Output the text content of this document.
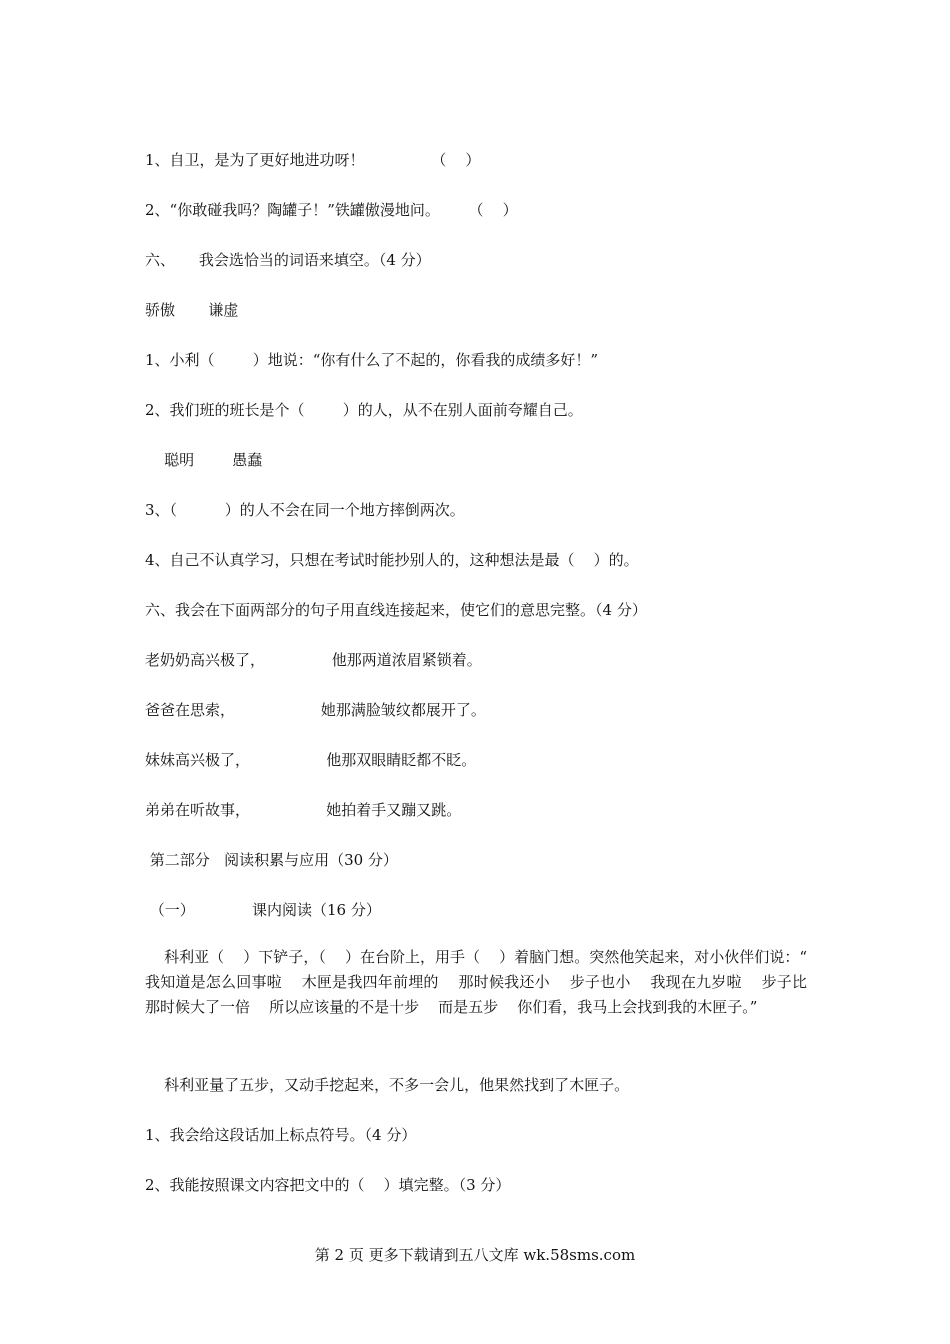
1、自卫，是为了更好地进功呀！              （    ）

2、“你敢碰我吗？陶罐子！”铁罐傲漫地问。      （    ）

六、     我会选恰当的词语来填空。（4 分）

骄傲       谦虚

1、小利（        ）地说：“你有什么了不起的，你看我的成绩多好！”

2、我们班的班长是个（        ）的人，从不在别人面前夸耀自己。

聪明        愚蠢

3、（          ）的人不会在同一个地方摔倒两次。

4、自己不认真学习，只想在考试时能抄别人的，这种想法是最（    ）的。

六、我会在下面两部分的句子用直线连接起来，使它们的意思完整。（4 分）

老奶奶高兴极了，              他那两道浓眉紧锁着。

爸爸在思索，                  她那满脸皱纹都展开了。

妹妹高兴极了，                他那双眼睛眨都不眨。

弟弟在听故事，                她拍着手又蹦又跳。

第二部分   阅读积累与应用（30 分）

（一）            课内阅读（16 分）

科利亚（    ）下铲子，（    ）在台阶上，用手（    ）着脑门想。突然他笑起来，对小伙伴们说：“ 我知道是怎么回事啦    木匣是我四年前埋的    那时候我还小    步子也小    我现在九岁啦    步子比那时候大了一倍    所以应该量的不是十步    而是五步    你们看，我马上会找到我的木匣子。”

科利亚量了五步，又动手挖起来，不多一会儿，他果然找到了木匣子。

1、我会给这段话加上标点符号。（4 分）

2、我能按照课文内容把文中的（    ）填完整。（3 分）

第 2 页 更多下载请到五八文库 wk.58sms.com
